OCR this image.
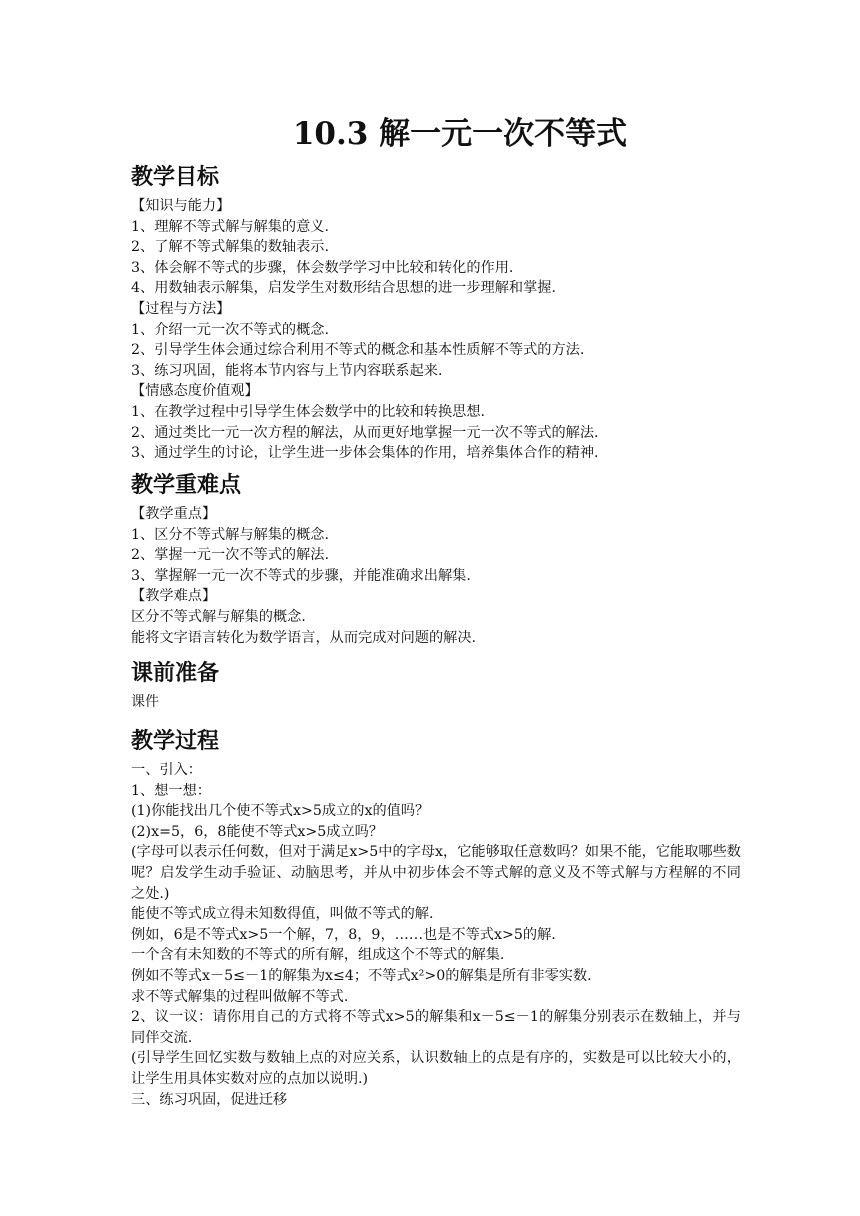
10.3 解一元一次不等式
教学目标
【知识与能力】
1、理解不等式解与解集的意义.
2、了解不等式解集的数轴表示.
3、体会解不等式的步骤，体会数学学习中比较和转化的作用.
4、用数轴表示解集，启发学生对数形结合思想的进一步理解和掌握.
【过程与方法】
1、介绍一元一次不等式的概念.
2、引导学生体会通过综合利用不等式的概念和基本性质解不等式的方法.
3、练习巩固，能将本节内容与上节内容联系起来.
【情感态度价值观】
1、在教学过程中引导学生体会数学中的比较和转换思想.
2、通过类比一元一次方程的解法，从而更好地掌握一元一次不等式的解法.
3、通过学生的讨论，让学生进一步体会集体的作用，培养集体合作的精神.
教学重难点
【教学重点】
1、区分不等式解与解集的概念.
2、掌握一元一次不等式的解法.
3、掌握解一元一次不等式的步骤，并能准确求出解集.
【教学难点】
区分不等式解与解集的概念.
能将文字语言转化为数学语言，从而完成对问题的解决.
课前准备
课件
教学过程
一、引入：
1、想一想：
(1)你能找出几个使不等式x>5成立的x的值吗？
(2)x=5，6，8能使不等式x>5成立吗？
(字母可以表示任何数，但对于满足x>5中的字母x，它能够取任意数吗？如果不能，它能取哪些数呢？启发学生动手验证、动脑思考，并从中初步体会不等式解的意义及不等式解与方程解的不同之处.)
能使不等式成立得未知数得值，叫做不等式的解.
例如，6是不等式x>5一个解，7，8，9，……也是不等式x>5的解.
一个含有未知数的不等式的所有解，组成这个不等式的解集.
例如不等式x－5≤－1的解集为x≤4；不等式x²>0的解集是所有非零实数.
求不等式解集的过程叫做解不等式.
2、议一议：请你用自己的方式将不等式x>5的解集和x－5≤－1的解集分别表示在数轴上，并与同伴交流.
(引导学生回忆实数与数轴上点的对应关系，认识数轴上的点是有序的，实数是可以比较大小的，让学生用具体实数对应的点加以说明.)
三、练习巩固，促进迁移
